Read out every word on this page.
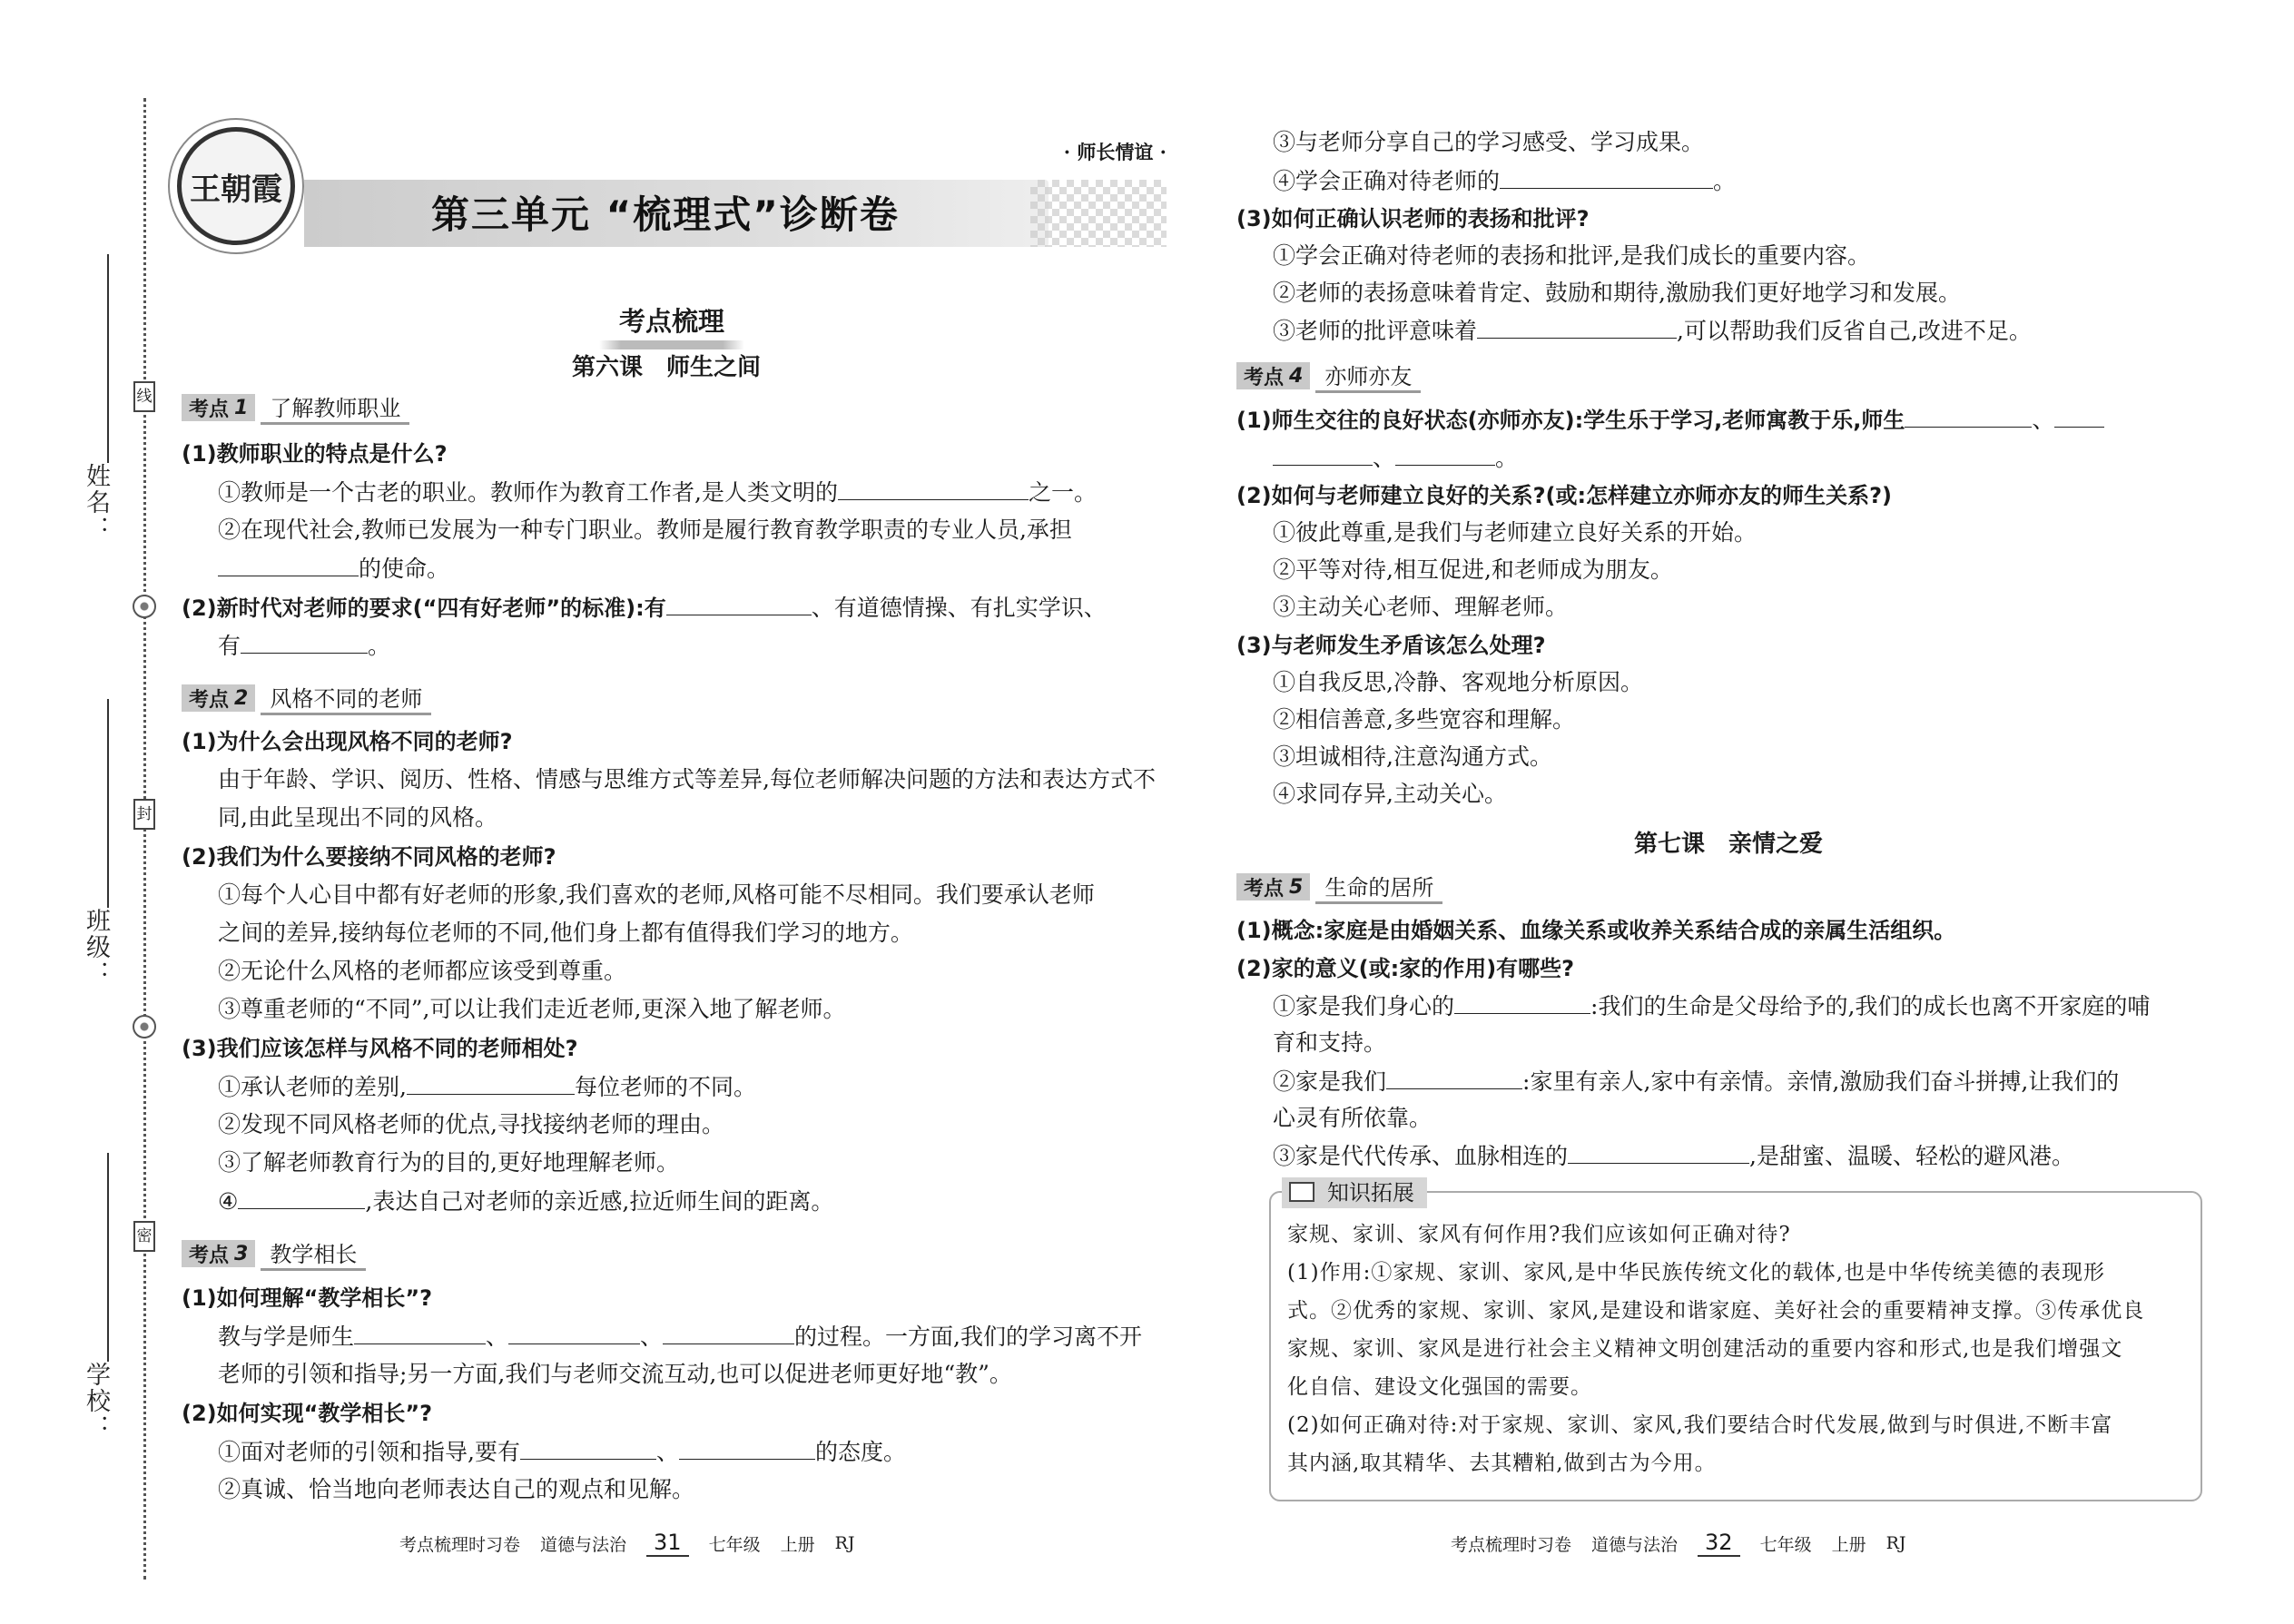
姓名：
班级：
学校：
线
封
密
王朝霞
第三单元 “梳理式”诊断卷
· 师长情谊 ·
考点梳理
第六课　师生之间
考点 1	了解教师职业
(1)教师职业的特点是什么?
①教师是一个古老的职业。教师作为教育工作者,是人类文明的	之一。
②在现代社会,教师已发展为一种专门职业。教师是履行教育教学职责的专业人员,承担
的使命。
(2)新时代对老师的要求(“四有好老师”的标准):有	、有道德情操、有扎实学识、
有	。
考点 2	风格不同的老师
(1)为什么会出现风格不同的老师?
由于年龄、学识、阅历、性格、情感与思维方式等差异,每位老师解决问题的方法和表达方式不
同,由此呈现出不同的风格。
(2)我们为什么要接纳不同风格的老师?
①每个人心目中都有好老师的形象,我们喜欢的老师,风格可能不尽相同。我们要承认老师
之间的差异,接纳每位老师的不同,他们身上都有值得我们学习的地方。
②无论什么风格的老师都应该受到尊重。
③尊重老师的“不同”,可以让我们走近老师,更深入地了解老师。
(3)我们应该怎样与风格不同的老师相处?
①承认老师的差别,	每位老师的不同。
②发现不同风格老师的优点,寻找接纳老师的理由。
③了解老师教育行为的目的,更好地理解老师。
④	,表达自己对老师的亲近感,拉近师生间的距离。
考点 3	教学相长
(1)如何理解“教学相长”?
教与学是师生	、	、	的过程。一方面,我们的学习离不开
老师的引领和指导;另一方面,我们与老师交流互动,也可以促进老师更好地“教”。
(2)如何实现“教学相长”?
①面对老师的引领和指导,要有	、	的态度。
②真诚、恰当地向老师表达自己的观点和见解。
③与老师分享自己的学习感受、学习成果。
④学会正确对待老师的	。
(3)如何正确认识老师的表扬和批评?
①学会正确对待老师的表扬和批评,是我们成长的重要内容。
②老师的表扬意味着肯定、鼓励和期待,激励我们更好地学习和发展。
③老师的批评意味着	,可以帮助我们反省自己,改进不足。
考点 4	亦师亦友
(1)师生交往的良好状态(亦师亦友):学生乐于学习,老师寓教于乐,师生	、
、	。
(2)如何与老师建立良好的关系?(或:怎样建立亦师亦友的师生关系?)
①彼此尊重,是我们与老师建立良好关系的开始。
②平等对待,相互促进,和老师成为朋友。
③主动关心老师、理解老师。
(3)与老师发生矛盾该怎么处理?
①自我反思,冷静、客观地分析原因。
②相信善意,多些宽容和理解。
③坦诚相待,注意沟通方式。
④求同存异,主动关心。
第七课　亲情之爱
考点 5	生命的居所
(1)概念:家庭是由婚姻关系、血缘关系或收养关系结合成的亲属生活组织。
(2)家的意义(或:家的作用)有哪些?
①家是我们身心的	:我们的生命是父母给予的,我们的成长也离不开家庭的哺
育和支持。
②家是我们	:家里有亲人,家中有亲情。亲情,激励我们奋斗拼搏,让我们的
心灵有所依靠。
③家是代代传承、血脉相连的	,是甜蜜、温暖、轻松的避风港。
知识拓展
家规、家训、家风有何作用?我们应该如何正确对待?
(1)作用:①家规、家训、家风,是中华民族传统文化的载体,也是中华传统美德的表现形
式。②优秀的家规、家训、家风,是建设和谐家庭、美好社会的重要精神支撑。③传承优良
家规、家训、家风是进行社会主义精神文明创建活动的重要内容和形式,也是我们增强文
化自信、建设文化强国的需要。
(2)如何正确对待:对于家规、家训、家风,我们要结合时代发展,做到与时俱进,不断丰富
其内涵,取其精华、去其糟粕,做到古为今用。
考点梳理时习卷 道德与法治	31	七年级 上册 RJ	考点梳理时习卷 道德与法治	32	七年级 上册 RJ
